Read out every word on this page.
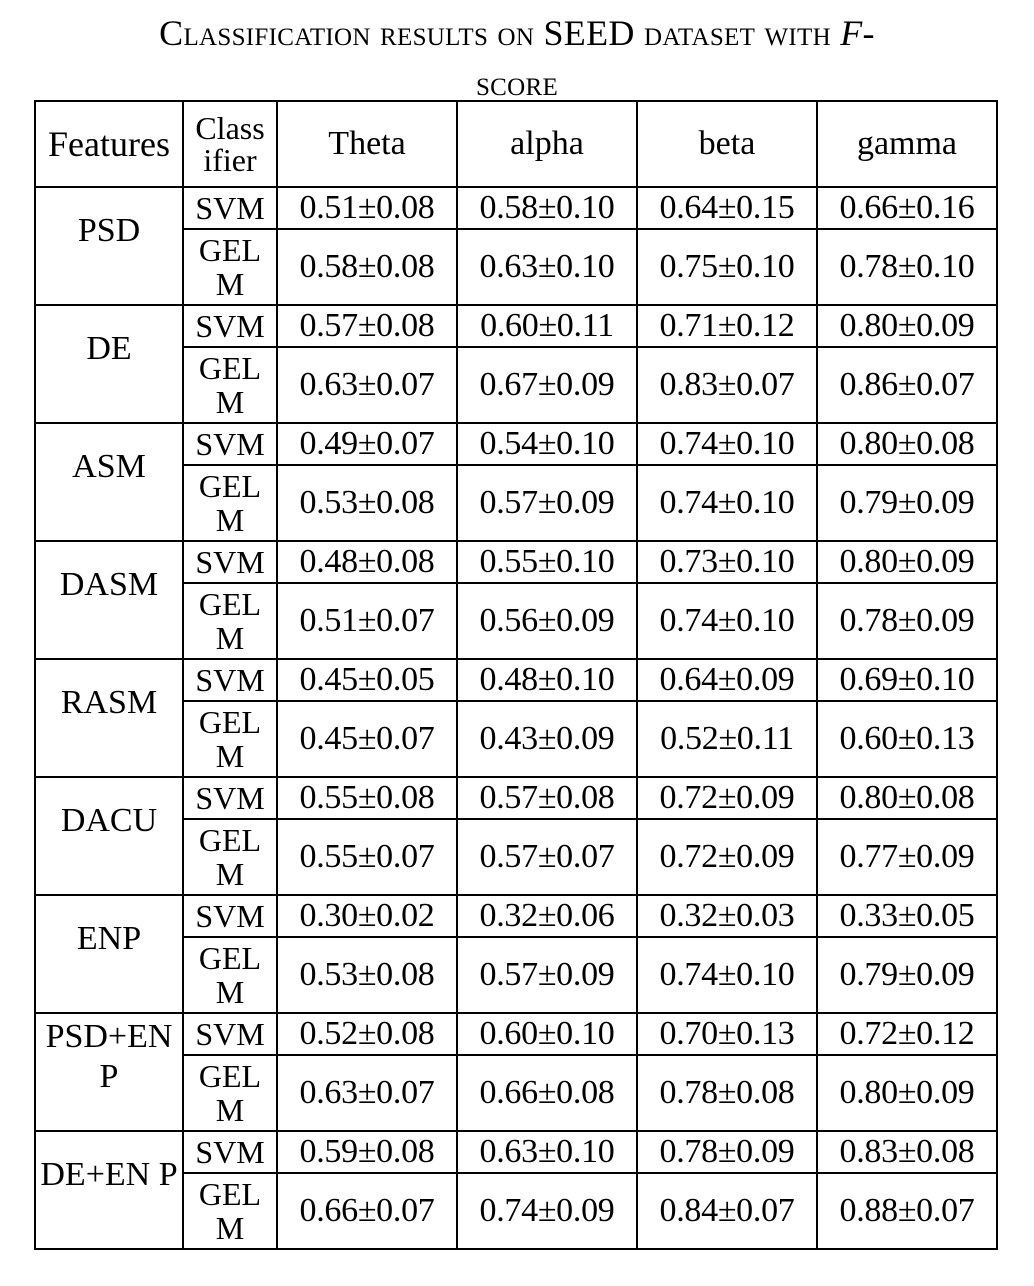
Classification results on SEED dataset with F-
score
Features	Class ifier	Theta	alpha	beta	gamma
PSD	SVM	0.51±0.08	0.58±0.10	0.64±0.15	0.66±0.16
	GEL M	0.58±0.08	0.63±0.10	0.75±0.10	0.78±0.10
DE	SVM	0.57±0.08	0.60±0.11	0.71±0.12	0.80±0.09
	GEL M	0.63±0.07	0.67±0.09	0.83±0.07	0.86±0.07
ASM	SVM	0.49±0.07	0.54±0.10	0.74±0.10	0.80±0.08
	GEL M	0.53±0.08	0.57±0.09	0.74±0.10	0.79±0.09
DASM	SVM	0.48±0.08	0.55±0.10	0.73±0.10	0.80±0.09
	GEL M	0.51±0.07	0.56±0.09	0.74±0.10	0.78±0.09
RASM	SVM	0.45±0.05	0.48±0.10	0.64±0.09	0.69±0.10
	GEL M	0.45±0.07	0.43±0.09	0.52±0.11	0.60±0.13
DACU	SVM	0.55±0.08	0.57±0.08	0.72±0.09	0.80±0.08
	GEL M	0.55±0.07	0.57±0.07	0.72±0.09	0.77±0.09
ENP	SVM	0.30±0.02	0.32±0.06	0.32±0.03	0.33±0.05
	GEL M	0.53±0.08	0.57±0.09	0.74±0.10	0.79±0.09
PSD+EN P	SVM	0.52±0.08	0.60±0.10	0.70±0.13	0.72±0.12
	GEL M	0.63±0.07	0.66±0.08	0.78±0.08	0.80±0.09
DE+EN P	SVM	0.59±0.08	0.63±0.10	0.78±0.09	0.83±0.08
	GEL M	0.66±0.07	0.74±0.09	0.84±0.07	0.88±0.07
